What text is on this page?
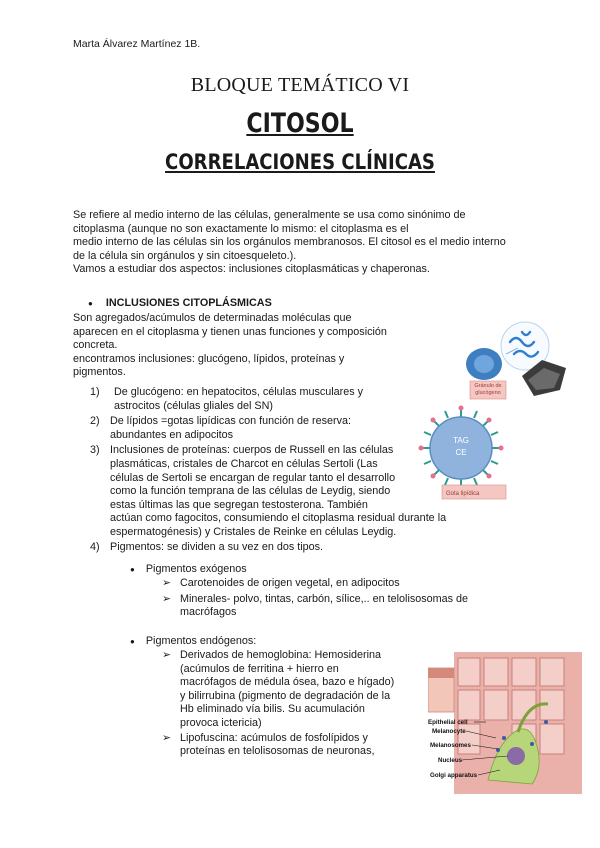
Marta Álvarez Martínez 1B.
BLOQUE TEMÁTICO VI
CITOSOL
CORRELACIONES CLÍNICAS
Se refiere al medio interno de las células, generalmente se usa como sinónimo de
citoplasma (aunque no son exactamente lo mismo: el citoplasma es el
medio interno de las células sin los orgánulos membranosos. El citosol es el medio interno
de la célula sin orgánulos y sin citoesqueleto.).
Vamos a estudiar dos aspectos: inclusiones citoplasmáticas y chaperonas.
● INCLUSIONES CITOPLÁSMICAS
Son agregados/acúmulos de determinadas moléculas que
aparecen en el citoplasma y tienen unas funciones y composición
concreta.
encontramos inclusiones: glucógeno, lípidos, proteínas y
pigmentos.
1) De glucógeno: en hepatocitos, células musculares y
astrocitos (células gliales del SN)
2) De lípidos =gotas lipídicas con función de reserva:
abundantes en adipocitos
3) Inclusiones de proteínas: cuerpos de Russell en las células
plasmáticas, cristales de Charcot en células Sertoli (Las
células de Sertoli se encargan de regular tanto el desarrollo
como la función temprana de las células de Leydig, siendo
estas últimas las que segregan testosterona. También
actúan como fagocitos, consumiendo el citoplasma residual durante la
espermatogénesis) y Cristales de Reinke en células Leydig.
4) Pigmentos: se dividen a su vez en dos tipos.
● Pigmentos exógenos
➢ Carotenoides de origen vegetal, en adipocitos
➢ Minerales- polvo, tintas, carbón, sílice,.. en telolisosomas de
macrófagos
● Pigmentos endógenos:
➢ Derivados de hemoglobina: Hemosiderina
(acúmulos de ferritina + hierro en
macrófagos de médula ósea, bazo e hígado)
y bilirrubina (pigmento de degradación de la
Hb eliminado vía bilis. Su acumulación
provoca ictericia)
➢ Lipofuscina: acúmulos de fosfolípidos y
proteínas en telolisosomas de neuronas,
Gránulo de glucógeno
TAG
CE
Gota lipídica
Epithelial cell
Melanocyte
Melanosomes
Nucleus
Golgi apparatus
